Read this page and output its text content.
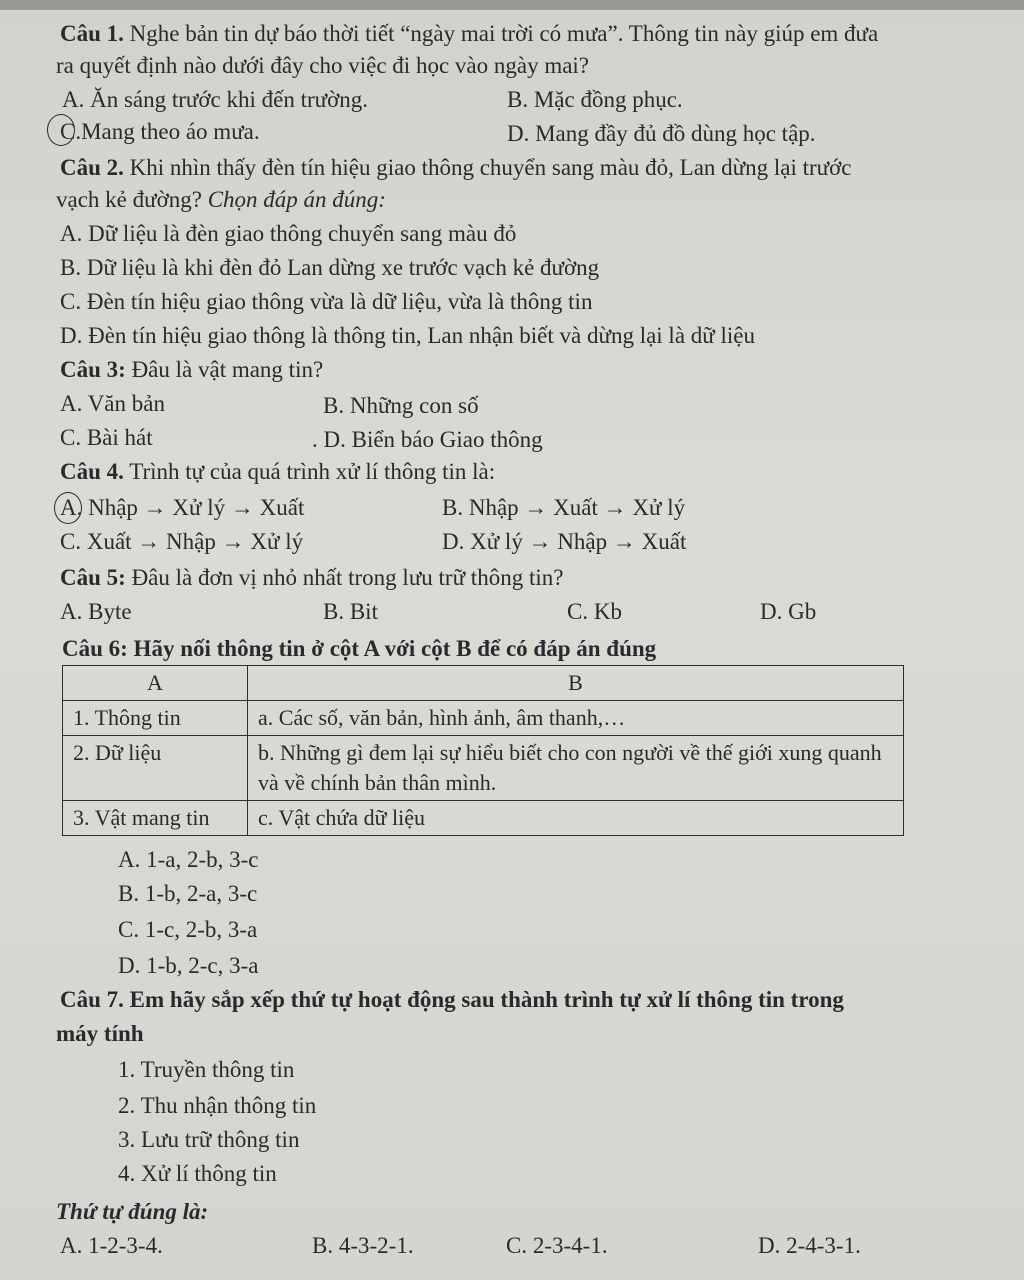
Câu 1. Nghe bản tin dự báo thời tiết “ngày mai trời có mưa”. Thông tin này giúp em đưa
ra quyết định nào dưới đây cho việc đi học vào ngày mai?
A. Ăn sáng trước khi đến trường.	B. Mặc đồng phục.
C.Mang theo áo mưa.	D. Mang đầy đủ đồ dùng học tập.
Câu 2. Khi nhìn thấy đèn tín hiệu giao thông chuyển sang màu đỏ, Lan dừng lại trước
vạch kẻ đường? Chọn đáp án đúng:
A. Dữ liệu là đèn giao thông chuyển sang màu đỏ
B. Dữ liệu là khi đèn đỏ Lan dừng xe trước vạch kẻ đường
C. Đèn tín hiệu giao thông vừa là dữ liệu, vừa là thông tin
D. Đèn tín hiệu giao thông là thông tin, Lan nhận biết và dừng lại là dữ liệu
Câu 3: Đâu là vật mang tin?
A. Văn bản	B. Những con số
C. Bài hát	. D. Biển báo Giao thông
Câu 4. Trình tự của quá trình xử lí thông tin là:
A. Nhập → Xử lý → Xuất	B. Nhập → Xuất → Xử lý
C. Xuất → Nhập → Xử lý	D. Xử lý → Nhập → Xuất
Câu 5: Đâu là đơn vị nhỏ nhất trong lưu trữ thông tin?
A. Byte	B. Bit	C. Kb	D. Gb
Câu 6: Hãy nối thông tin ở cột A với cột B để có đáp án đúng
A	B
1. Thông tin	a. Các số, văn bản, hình ảnh, âm thanh,…
2. Dữ liệu	b. Những gì đem lại sự hiểu biết cho con người về thế giới xung quanh và về chính bản thân mình.
3. Vật mang tin	c. Vật chứa dữ liệu
A. 1-a, 2-b, 3-c
B. 1-b, 2-a, 3-c
C. 1-c, 2-b, 3-a
D. 1-b, 2-c, 3-a
Câu 7. Em hãy sắp xếp thứ tự hoạt động sau thành trình tự xử lí thông tin trong
máy tính
1. Truyền thông tin
2. Thu nhận thông tin
3. Lưu trữ thông tin
4. Xử lí thông tin
Thứ tự đúng là:
A. 1-2-3-4.	B. 4-3-2-1.	C. 2-3-4-1.	D. 2-4-3-1.
